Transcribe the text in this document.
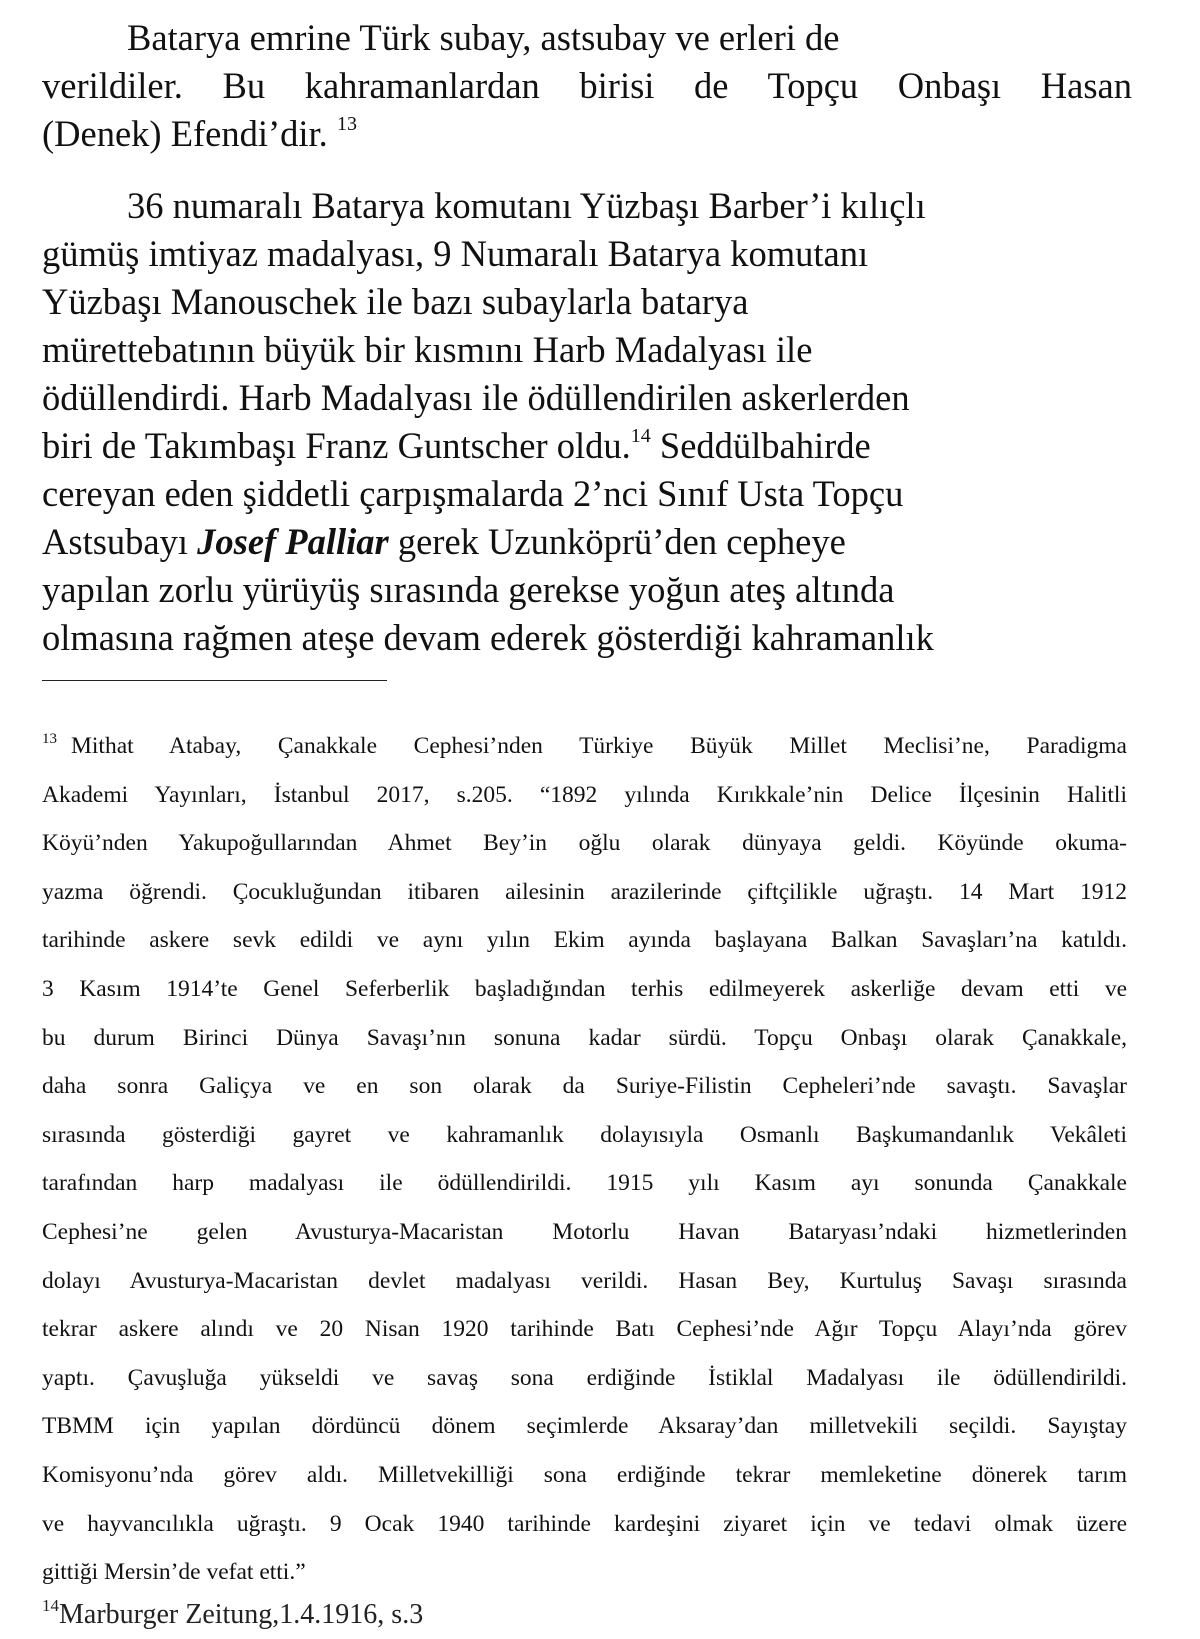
Batarya emrine Türk subay, astsubay ve erleri de
verildiler. Bu kahramanlardan birisi de Topçu Onbaşı Hasan
(Denek) Efendi’dir. $^{13}$
36 numaralı Batarya komutanı Yüzbaşı Barber’i kılıçlı
gümüş imtiyaz madalyası, 9 Numaralı Batarya komutanı
Yüzbaşı Manouschek ile bazı subaylarla batarya
mürettebatının büyük bir kısmını Harb Madalyası ile
ödüllendirdi. Harb Madalyası ile ödüllendirilen askerlerden
biri de Takımbaşı Franz Guntscher oldu.$^{14}$ Seddülbahirde
cereyan eden şiddetli çarpışmalarda 2’nci Sınıf Usta Topçu
Astsubayı Josef Palliar gerek Uzunköprü’den cepheye
yapılan zorlu yürüyüş sırasında gerekse yoğun ateş altında
olmasına rağmen ateşe devam ederek gösterdiği kahramanlık
$^{13}$ Mithat Atabay, Çanakkale Cephesi’nden Türkiye Büyük Millet Meclisi’ne, Paradigma
Akademi Yayınları, İstanbul 2017, s.205. “1892 yılında Kırıkkale’nin Delice İlçesinin Halitli
Köyü’nden Yakupoğullarından Ahmet Bey’in oğlu olarak dünyaya geldi. Köyünde okuma-
yazma öğrendi. Çocukluğundan itibaren ailesinin arazilerinde çiftçilikle uğraştı. 14 Mart 1912
tarihinde askere sevk edildi ve aynı yılın Ekim ayında başlayana Balkan Savaşları’na katıldı.
3 Kasım 1914’te Genel Seferberlik başladığından terhis edilmeyerek askerliğe devam etti ve
bu durum Birinci Dünya Savaşı’nın sonuna kadar sürdü. Topçu Onbaşı olarak Çanakkale,
daha sonra Galiçya ve en son olarak da Suriye-Filistin Cepheleri’nde savaştı. Savaşlar
sırasında gösterdiği gayret ve kahramanlık dolayısıyla Osmanlı Başkumandanlık Vekâleti
tarafından harp madalyası ile ödüllendirildi. 1915 yılı Kasım ayı sonunda Çanakkale
Cephesi’ne gelen Avusturya-Macaristan Motorlu Havan Bataryası’ndaki hizmetlerinden
dolayı Avusturya-Macaristan devlet madalyası verildi. Hasan Bey, Kurtuluş Savaşı sırasında
tekrar askere alındı ve 20 Nisan 1920 tarihinde Batı Cephesi’nde Ağır Topçu Alayı’nda görev
yaptı. Çavuşluğa yükseldi ve savaş sona erdiğinde İstiklal Madalyası ile ödüllendirildi.
TBMM için yapılan dördüncü dönem seçimlerde Aksaray’dan milletvekili seçildi. Sayıştay
Komisyonu’nda görev aldı. Milletvekilliği sona erdiğinde tekrar memleketine dönerek tarım
ve hayvancılıkla uğraştı. 9 Ocak 1940 tarihinde kardeşini ziyaret için ve tedavi olmak üzere
gittiği Mersin’de vefat etti.”
$^{14}$Marburger Zeitung,1.4.1916, s.3
